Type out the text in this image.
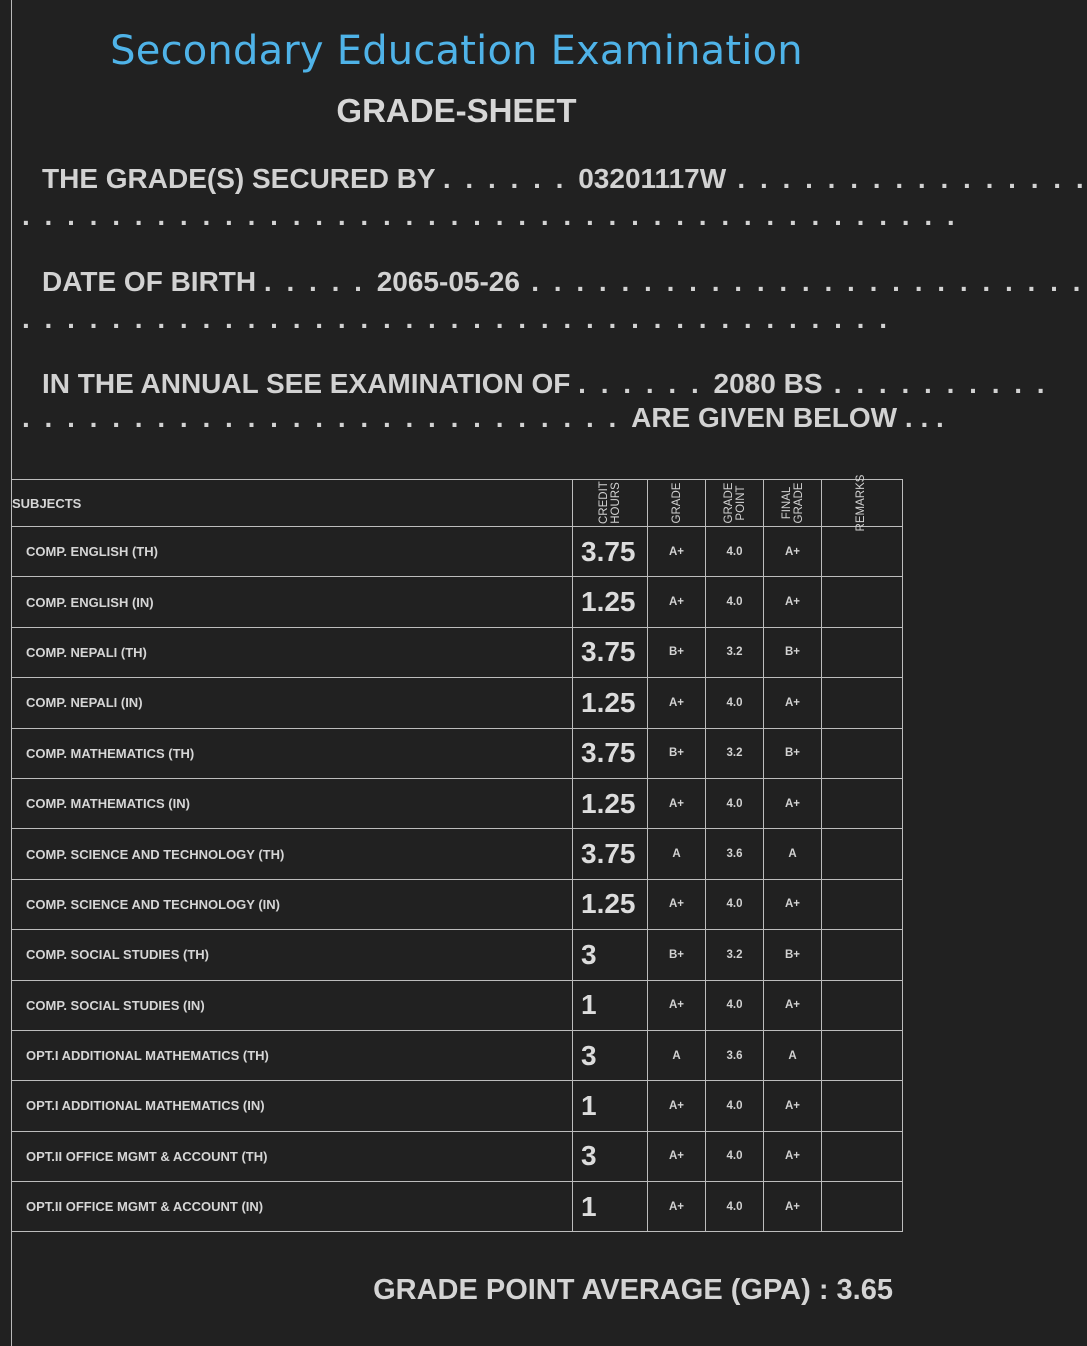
Secondary Education Examination
GRADE-SHEET
THE GRADE(S) SECURED BY . . . . . . 03201117W . . . . . . . . . . . . . . . .
. . . . . . . . . . . . . . . . . . . . . . . . . . . . . . . . . . . . . . . . . .
DATE OF BIRTH . . . . . 2065-05-26 . . . . . . . . . . . . . . . . . . . . . . . . .
. . . . . . . . . . . . . . . . . . . . . . . . . . . . . . . . . . . . . . .
IN THE ANNUAL SEE EXAMINATION OF . . . . . . 2080 BS . . . . . . . . . .
. . . . . . . . . . . . . . . . . . . . . . . . . . . ARE GIVEN BELOW . . .
SUBJECTS	CREDIT HOURS	GRADE	GRADE POINT	FINAL GRADE	REMARKS

COMP. ENGLISH (TH)	3.75	A+	4.0	A+	
COMP. ENGLISH (IN)	1.25	A+	4.0	A+	
COMP. NEPALI (TH)	3.75	B+	3.2	B+	
COMP. NEPALI (IN)	1.25	A+	4.0	A+	
COMP. MATHEMATICS (TH)	3.75	B+	3.2	B+	
COMP. MATHEMATICS (IN)	1.25	A+	4.0	A+	
COMP. SCIENCE AND TECHNOLOGY (TH)	3.75	A	3.6	A	
COMP. SCIENCE AND TECHNOLOGY (IN)	1.25	A+	4.0	A+	
COMP. SOCIAL STUDIES (TH)	3	B+	3.2	B+	
COMP. SOCIAL STUDIES (IN)	1	A+	4.0	A+	
OPT.I ADDITIONAL MATHEMATICS (TH)	3	A	3.6	A	
OPT.I ADDITIONAL MATHEMATICS (IN)	1	A+	4.0	A+	
OPT.II OFFICE MGMT & ACCOUNT (TH)	3	A+	4.0	A+	
OPT.II OFFICE MGMT & ACCOUNT (IN)	1	A+	4.0	A+	
GRADE POINT AVERAGE (GPA) : 3.65
